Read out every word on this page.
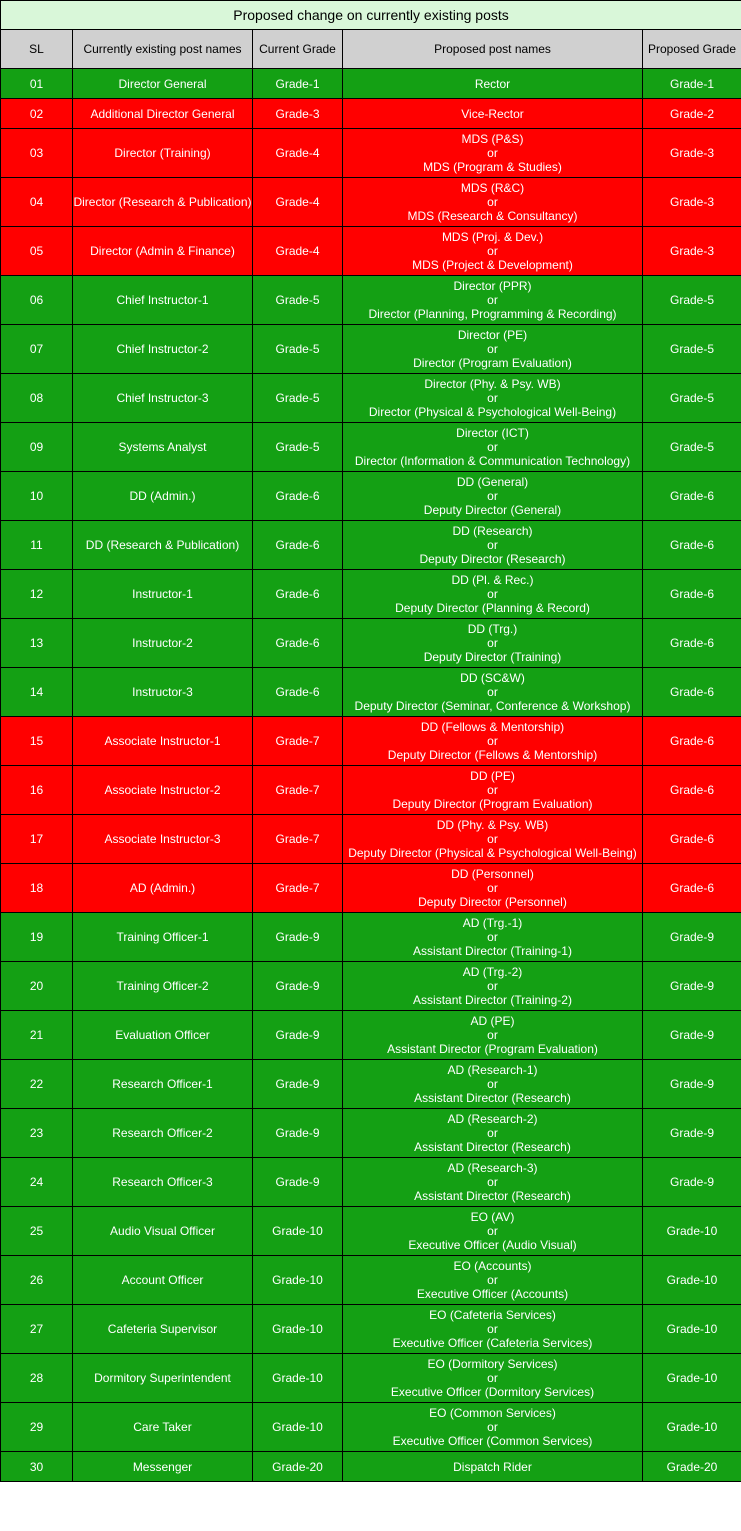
Proposed change on currently existing posts				
SL	Currently existing post names	Current Grade	Proposed post names	Proposed Grade
01	Director General	Grade-1	Rector	Grade-1
02	Additional Director General	Grade-3	Vice-Rector	Grade-2
03	Director (Training)	Grade-4	MDS (P&S)
or
MDS (Program & Studies)	Grade-3
04	Director (Research & Publication)	Grade-4	MDS (R&C)
or
MDS (Research & Consultancy)	Grade-3
05	Director (Admin & Finance)	Grade-4	MDS (Proj. & Dev.)
or
MDS (Project & Development)	Grade-3
06	Chief Instructor-1	Grade-5	Director (PPR)
or
Director (Planning, Programming & Recording)	Grade-5
07	Chief Instructor-2	Grade-5	Director (PE)
or
Director (Program Evaluation)	Grade-5
08	Chief Instructor-3	Grade-5	Director (Phy. & Psy. WB)
or
Director (Physical & Psychological Well-Being)	Grade-5
09	Systems Analyst	Grade-5	Director (ICT)
or
Director (Information & Communication Technology)	Grade-5
10	DD (Admin.)	Grade-6	DD (General)
or
Deputy Director (General)	Grade-6
11	DD (Research & Publication)	Grade-6	DD (Research)
or
Deputy Director (Research)	Grade-6
12	Instructor-1	Grade-6	DD (Pl. & Rec.)
or
Deputy Director (Planning & Record)	Grade-6
13	Instructor-2	Grade-6	DD (Trg.)
or
Deputy Director (Training)	Grade-6
14	Instructor-3	Grade-6	DD (SC&W)
or
Deputy Director (Seminar, Conference & Workshop)	Grade-6
15	Associate Instructor-1	Grade-7	DD (Fellows & Mentorship)
or
Deputy Director (Fellows & Mentorship)	Grade-6
16	Associate Instructor-2	Grade-7	DD (PE)
or
Deputy Director (Program Evaluation)	Grade-6
17	Associate Instructor-3	Grade-7	DD (Phy. & Psy. WB)
or
Deputy Director (Physical & Psychological Well-Being)	Grade-6
18	AD (Admin.)	Grade-7	DD (Personnel)
or
Deputy Director (Personnel)	Grade-6
19	Training Officer-1	Grade-9	AD (Trg.-1)
or
Assistant Director (Training-1)	Grade-9
20	Training Officer-2	Grade-9	AD (Trg.-2)
or
Assistant Director (Training-2)	Grade-9
21	Evaluation Officer	Grade-9	AD (PE)
or
Assistant Director (Program Evaluation)	Grade-9
22	Research Officer-1	Grade-9	AD (Research-1)
or
Assistant Director (Research)	Grade-9
23	Research Officer-2	Grade-9	AD (Research-2)
or
Assistant Director (Research)	Grade-9
24	Research Officer-3	Grade-9	AD (Research-3)
or
Assistant Director (Research)	Grade-9
25	Audio Visual Officer	Grade-10	EO (AV)
or
Executive Officer (Audio Visual)	Grade-10
26	Account Officer	Grade-10	EO (Accounts)
or
Executive Officer (Accounts)	Grade-10
27	Cafeteria Supervisor	Grade-10	EO (Cafeteria Services)
or
Executive Officer (Cafeteria Services)	Grade-10
28	Dormitory Superintendent	Grade-10	EO (Dormitory Services)
or
Executive Officer (Dormitory Services)	Grade-10
29	Care Taker	Grade-10	EO (Common Services)
or
Executive Officer (Common Services)	Grade-10
30	Messenger	Grade-20	Dispatch Rider	Grade-20
